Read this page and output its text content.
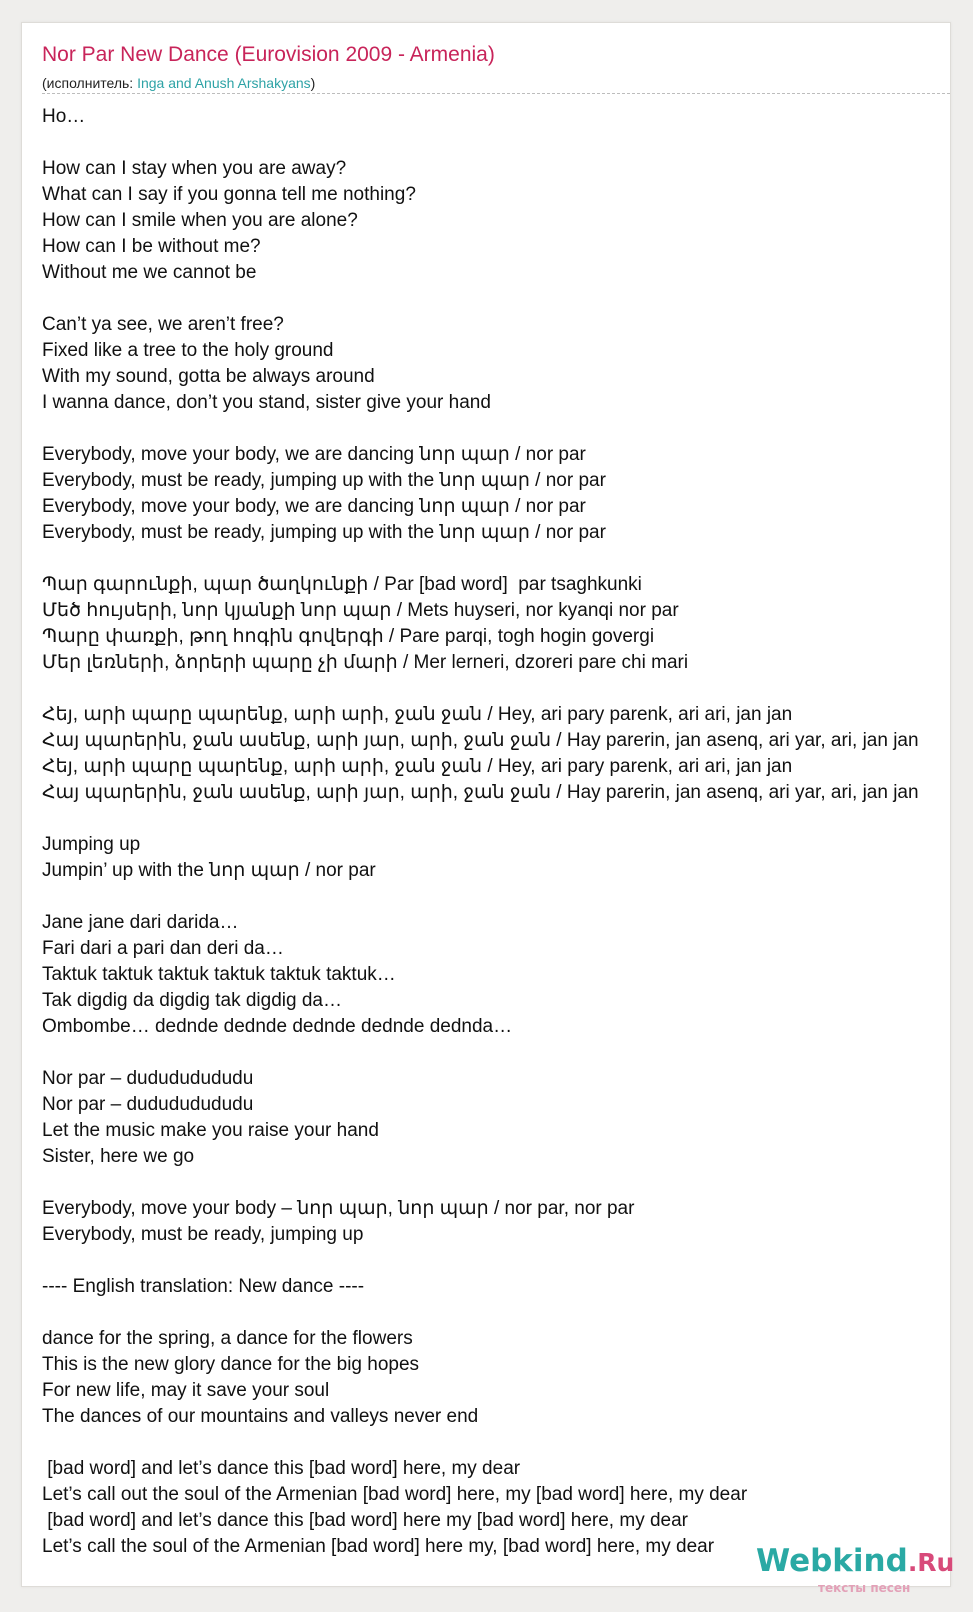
Nor Par New Dance (Eurovision 2009 - Armenia)
(исполнитель: Inga and Anush Arshakyans)
Ho…
How can I stay when you are away?
What can I say if you gonna tell me nothing?
How can I smile when you are alone?
How can I be without me?
Without me we cannot be
Can’t ya see, we aren’t free?
Fixed like a tree to the holy ground
With my sound, gotta be always around
I wanna dance, don’t you stand, sister give your hand
Everybody, move your body, we are dancing նոր պար / nor par
Everybody, must be ready, jumping up with the նոր պար / nor par
Everybody, move your body, we are dancing նոր պար / nor par
Everybody, must be ready, jumping up with the նոր պար / nor par
Պար գարունքի, պար ծաղկունքի / Par [bad word]  par tsaghkunki
Մեծ հույսերի, նոր կյանքի նոր պար / Mets huyseri, nor kyanqi nor par
Պարը փառքի, թող հոգին գովերգի / Pare parqi, togh hogin govergi
Մեր լեռների, ձորերի պարը չի մարի / Mer lerneri, dzoreri pare chi mari
Հեյ, արի պարը պարենք, արի արի, ջան ջան / Hey, ari pary parenk, ari ari, jan jan
Հայ պարերին, ջան ասենք, արի յար, արի, ջան ջան / Hay parerin, jan asenq, ari yar, ari, jan jan
Հեյ, արի պարը պարենք, արի արի, ջան ջան / Hey, ari pary parenk, ari ari, jan jan
Հայ պարերին, ջան ասենք, արի յար, արի, ջան ջան / Hay parerin, jan asenq, ari yar, ari, jan jan
Jumping up
Jumpin’ up with the նոր պար / nor par
Jane jane dari darida…
Fari dari a pari dan deri da…
Taktuk taktuk taktuk taktuk taktuk taktuk…
Tak digdig da digdig tak digdig da…
Ombombe… dednde dednde dednde dednde dednda…
Nor par – dudududududu
Nor par – dudududududu
Let the music make you raise your hand
Sister, here we go
Everybody, move your body – նոր պար, նոր պար / nor par, nor par
Everybody, must be ready, jumping up
---- English translation: New dance ----
dance for the spring, a dance for the flowers
This is the new glory dance for the big hopes
For new life, may it save your soul
The dances of our mountains and valleys never end
[bad word] and let’s dance this [bad word] here, my dear
Let’s call out the soul of the Armenian [bad word] here, my [bad word] here, my dear
[bad word] and let’s dance this [bad word] here my [bad word] here, my dear
Let’s call the soul of the Armenian [bad word] here my, [bad word] here, my dear	Webkind.Ru
тексты песен
